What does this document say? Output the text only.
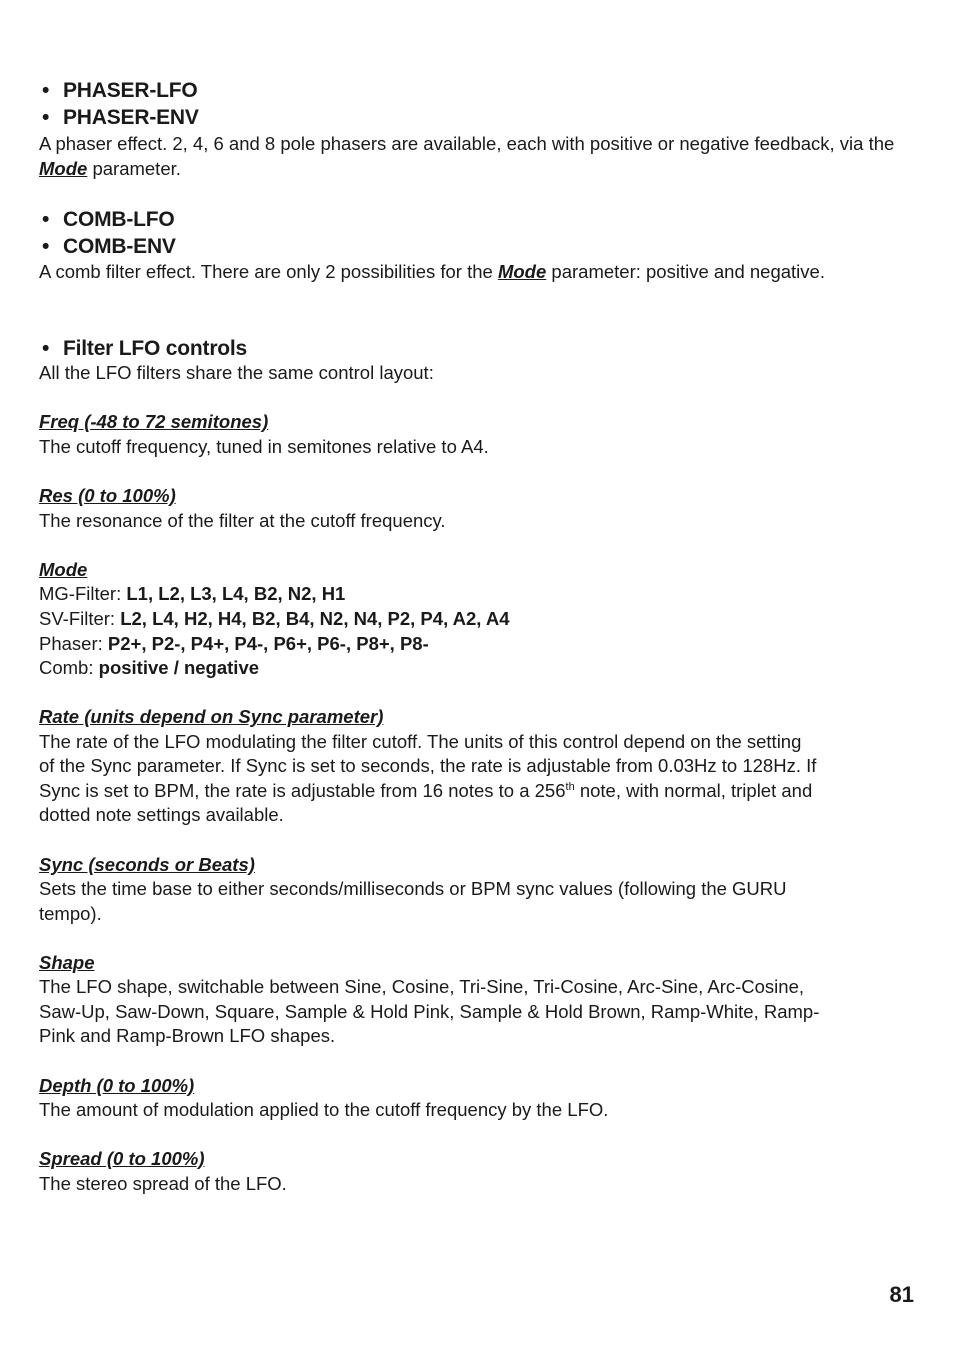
• PHASER-LFO
• PHASER-ENV
A phaser effect. 2, 4, 6 and 8 pole phasers are available, each with positive or negative feedback, via the Mode parameter.
• COMB-LFO
• COMB-ENV
A comb filter effect. There are only 2 possibilities for the Mode parameter: positive and negative.
• Filter LFO controls
All the LFO filters share the same control layout:
Freq (-48 to 72 semitones)
The cutoff frequency, tuned in semitones relative to A4.
Res (0 to 100%)
The resonance of the filter at the cutoff frequency.
Mode
MG-Filter: L1, L2, L3, L4, B2, N2, H1
SV-Filter: L2, L4, H2, H4, B2, B4, N2, N4, P2, P4, A2, A4
Phaser: P2+, P2-, P4+, P4-, P6+, P6-, P8+, P8-
Comb: positive / negative
Rate (units depend on Sync parameter)
The rate of the LFO modulating the filter cutoff. The units of this control depend on the setting
of the Sync parameter. If Sync is set to seconds, the rate is adjustable from 0.03Hz to 128Hz. If
Sync is set to BPM, the rate is adjustable from 16 notes to a 256th note, with normal, triplet and
dotted note settings available.
Sync (seconds or Beats)
Sets the time base to either seconds/milliseconds or BPM sync values (following the GURU
tempo).
Shape
The LFO shape, switchable between Sine, Cosine, Tri-Sine, Tri-Cosine, Arc-Sine, Arc-Cosine,
Saw-Up, Saw-Down, Square, Sample & Hold Pink, Sample & Hold Brown, Ramp-White, Ramp-
Pink and Ramp-Brown LFO shapes.
Depth (0 to 100%)
The amount of modulation applied to the cutoff frequency by the LFO.
Spread (0 to 100%)
The stereo spread of the LFO.
81
